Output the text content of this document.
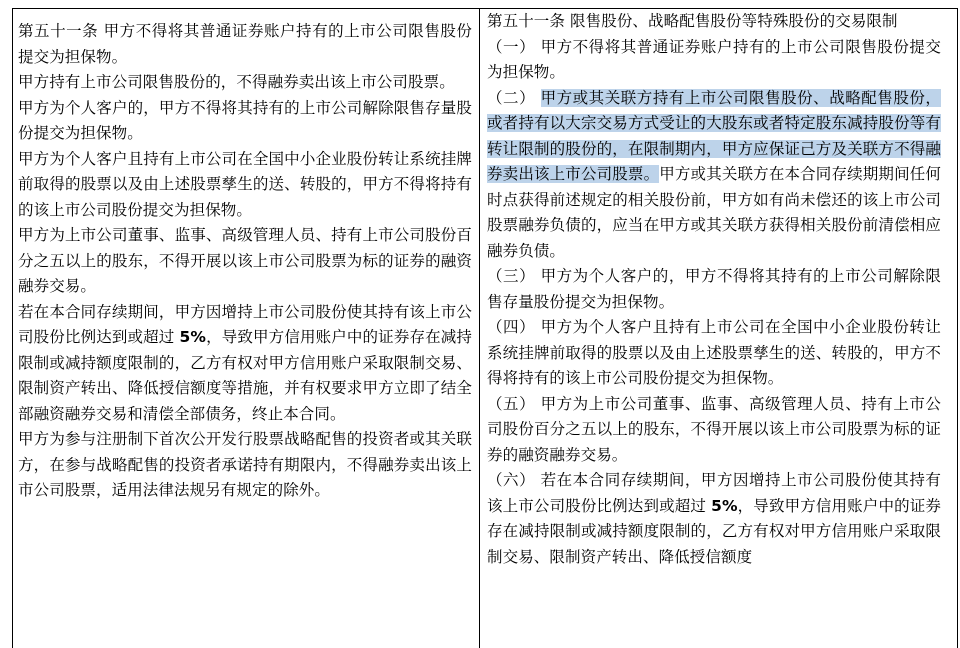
第五十一条 甲方不得将其普通证券账户持有的上市公司限售股份提交为担保物。

甲方持有上市公司限售股份的，不得融券卖出该上市公司股票。

甲方为个人客户的，甲方不得将其持有的上市公司解除限售存量股份提交为担保物。

甲方为个人客户且持有上市公司在全国中小企业股份转让系统挂牌前取得的股票以及由上述股票孳生的送、转股的，甲方不得将持有的该上市公司股份提交为担保物。

甲方为上市公司董事、监事、高级管理人员、持有上市公司股份百分之五以上的股东，不得开展以该上市公司股票为标的证券的融资融券交易。

若在本合同存续期间，甲方因增持上市公司股份使其持有该上市公司股份比例达到或超过 5%，导致甲方信用账户中的证券存在减持限制或减持额度限制的，乙方有权对甲方信用账户采取限制交易、限制资产转出、降低授信额度等措施，并有权要求甲方立即了结全部融资融券交易和清偿全部债务，终止本合同。

甲方为参与注册制下首次公开发行股票战略配售的投资者或其关联方，在参与战略配售的投资者承诺持有期限内，不得融券卖出该上市公司股票，适用法律法规另有规定的除外。

第五十一条 限售股份、战略配售股份等特殊股份的交易限制

（一） 甲方不得将其普通证券账户持有的上市公司限售股份提交为担保物。

（二） 甲方或其关联方持有上市公司限售股份、战略配售股份，或者持有以大宗交易方式受让的大股东或者特定股东减持股份等有转让限制的股份的，在限制期内，甲方应保证己方及关联方不得融券卖出该上市公司股票。甲方或其关联方在本合同存续期期间任何时点获得前述规定的相关股份前，甲方如有尚未偿还的该上市公司股票融券负债的，应当在甲方或其关联方获得相关股份前清偿相应融券负债。

（三） 甲方为个人客户的，甲方不得将其持有的上市公司解除限售存量股份提交为担保物。

（四） 甲方为个人客户且持有上市公司在全国中小企业股份转让系统挂牌前取得的股票以及由上述股票孳生的送、转股的，甲方不得将持有的该上市公司股份提交为担保物。

（五） 甲方为上市公司董事、监事、高级管理人员、持有上市公司股份百分之五以上的股东，不得开展以该上市公司股票为标的证券的融资融券交易。

（六） 若在本合同存续期间，甲方因增持上市公司股份使其持有该上市公司股份比例达到或超过 5%，导致甲方信用账户中的证券存在减持限制或减持额度限制的，乙方有权对甲方信用账户采取限制交易、限制资产转出、降低授信额度
